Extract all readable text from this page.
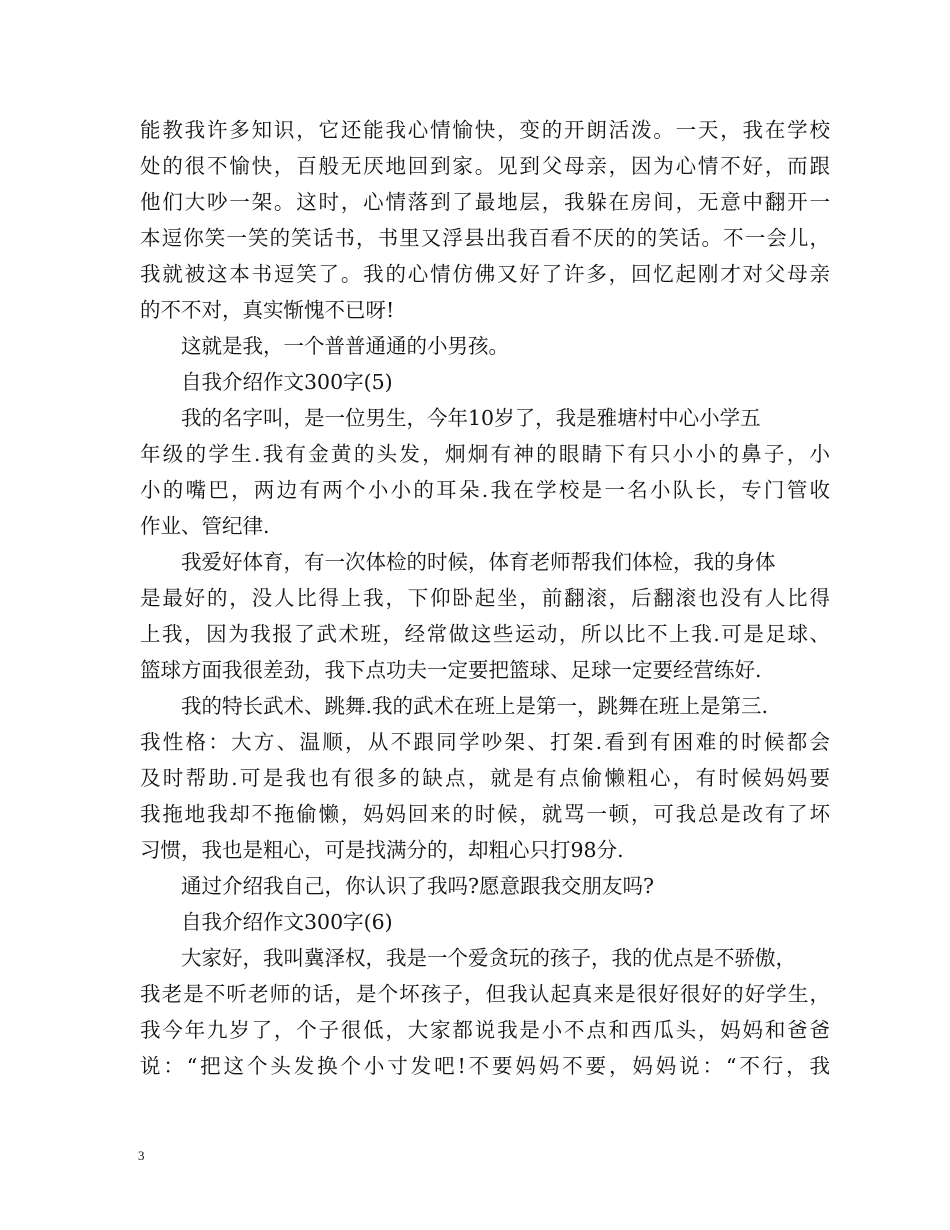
能教我许多知识，它还能我心情愉快，变的开朗活泼。一天，我在学校
处的很不愉快，百般无厌地回到家。见到父母亲，因为心情不好，而跟
他们大吵一架。这时，心情落到了最地层，我躲在房间，无意中翻开一
本逗你笑一笑的笑话书，书里又浮县出我百看不厌的的笑话。不一会儿，
我就被这本书逗笑了。我的心情仿佛又好了许多，回忆起刚才对父母亲
的不不对，真实惭愧不已呀!
这就是我，一个普普通通的小男孩。
自我介绍作文300字(5)
我的名字叫，是一位男生，今年10岁了，我是雅塘村中心小学五
年级的学生.我有金黄的头发，炯炯有神的眼睛下有只小小的鼻子，小
小的嘴巴，两边有两个小小的耳朵.我在学校是一名小队长，专门管收
作业、管纪律.
我爱好体育，有一次体检的时候，体育老师帮我们体检，我的身体
是最好的，没人比得上我，下仰卧起坐，前翻滚，后翻滚也没有人比得
上我，因为我报了武术班，经常做这些运动，所以比不上我.可是足球、
篮球方面我很差劲，我下点功夫一定要把篮球、足球一定要经营练好.
我的特长武术、跳舞.我的武术在班上是第一，跳舞在班上是第三.
我性格：大方、温顺，从不跟同学吵架、打架.看到有困难的时候都会
及时帮助.可是我也有很多的缺点，就是有点偷懒粗心，有时候妈妈要
我拖地我却不拖偷懒，妈妈回来的时候，就骂一顿，可我总是改有了坏
习惯，我也是粗心，可是找满分的，却粗心只打98分.
通过介绍我自己，你认识了我吗?愿意跟我交朋友吗?
自我介绍作文300字(6)
大家好，我叫冀泽权，我是一个爱贪玩的孩子，我的优点是不骄傲，
我老是不听老师的话，是个坏孩子，但我认起真来是很好很好的好学生，
我今年九岁了，个子很低，大家都说我是小不点和西瓜头，妈妈和爸爸
说：“把这个头发换个小寸发吧!不要妈妈不要，妈妈说：“不行，我
3
